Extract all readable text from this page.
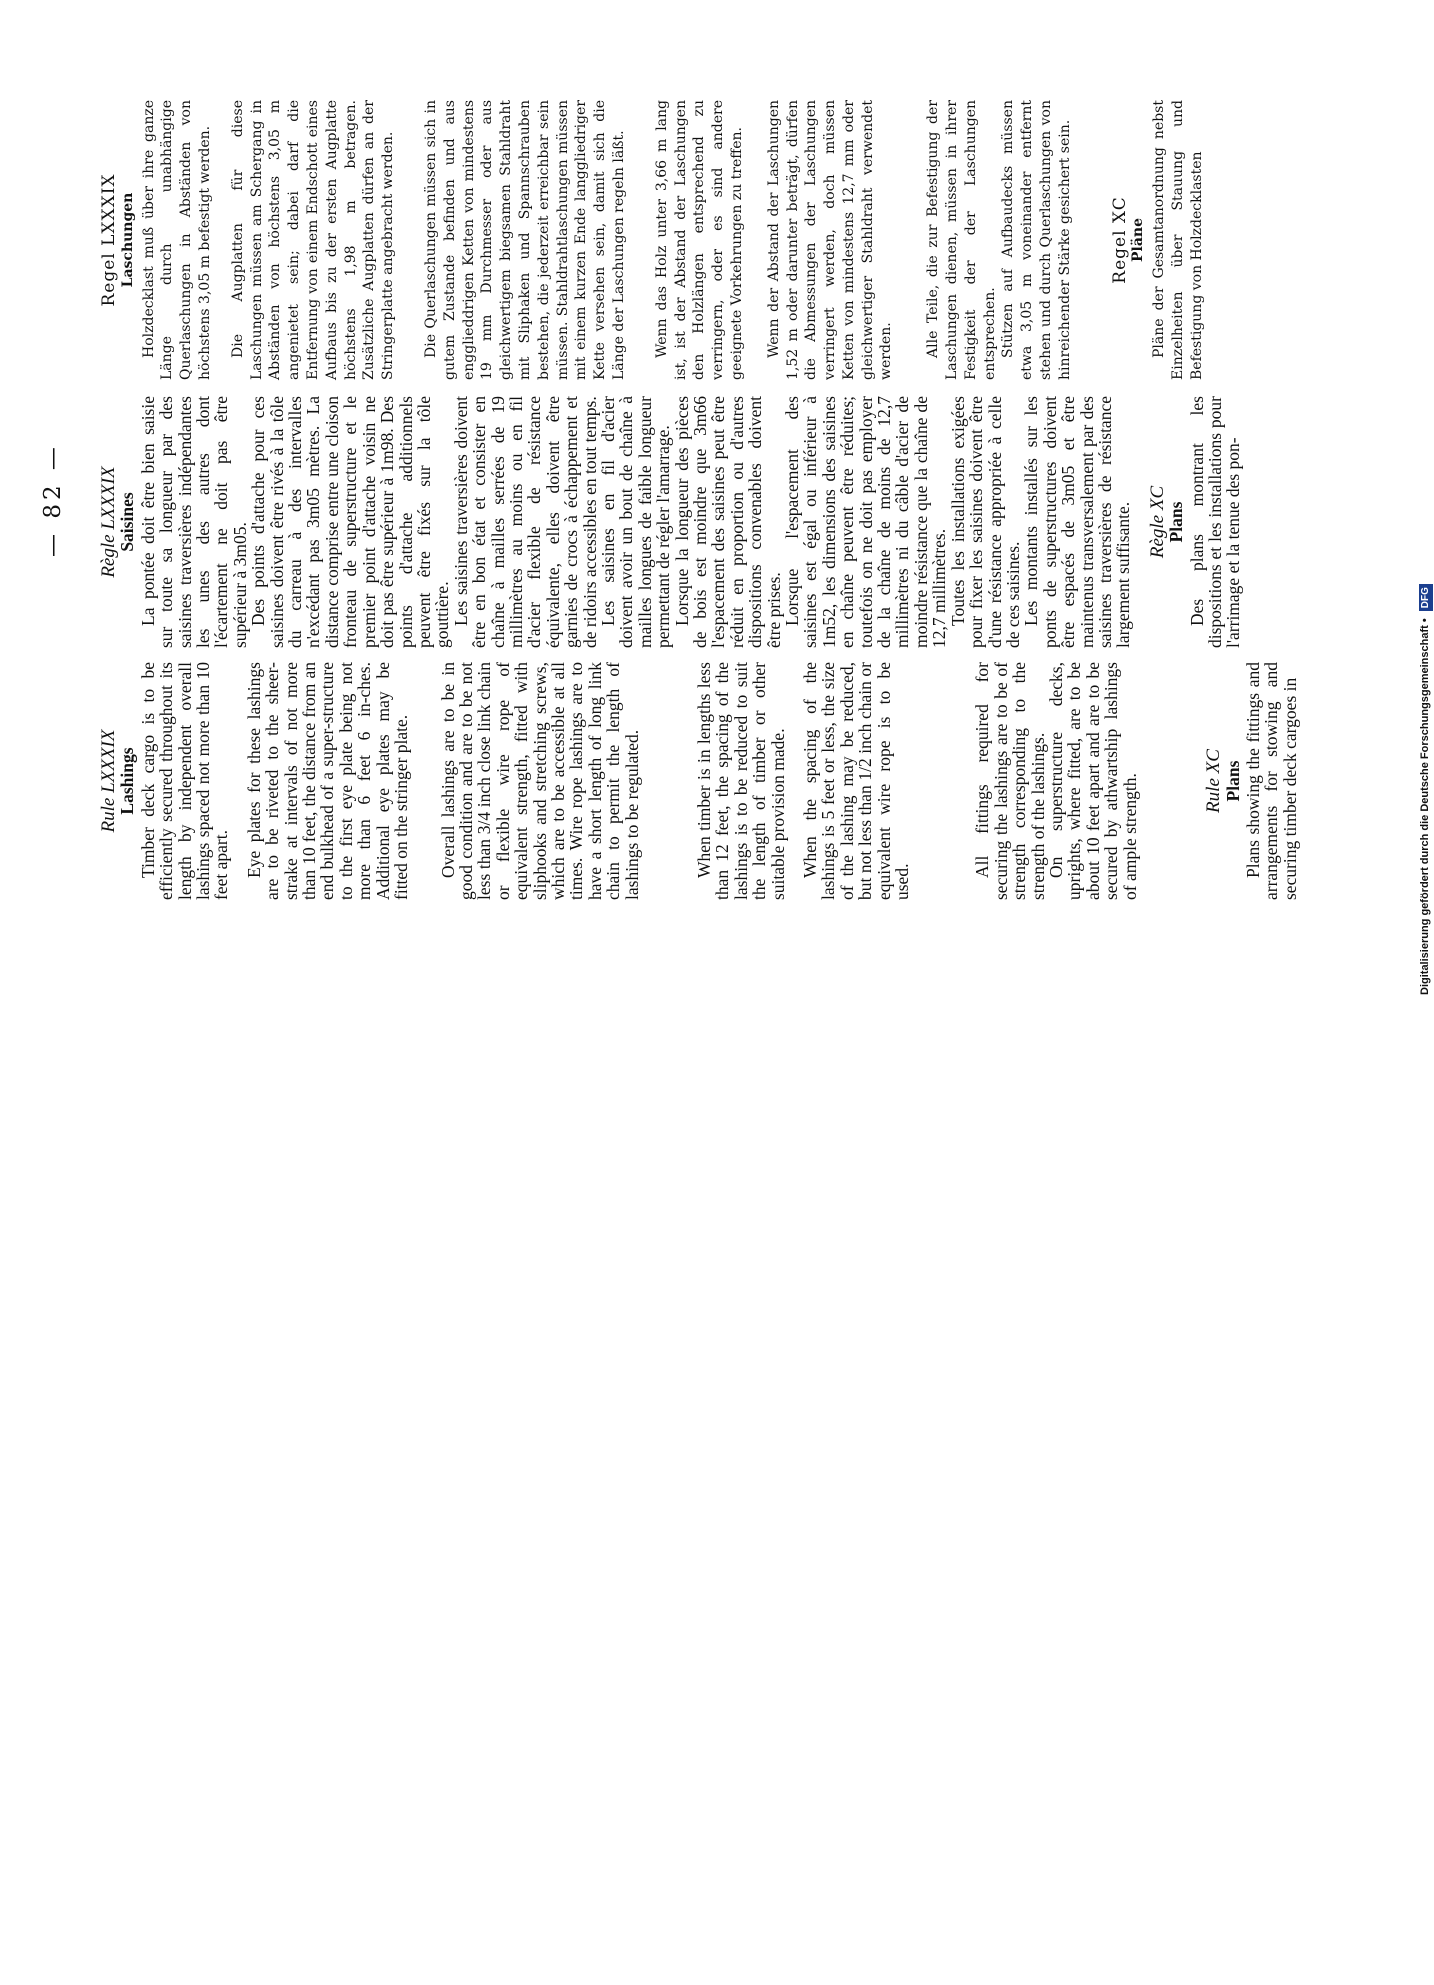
— 82 —
Rule LXXXIX
Lashings Timber deck cargo is to be efficiently secured throughout its length by independent overall lashings spaced not more than 10 feet apart. Eye plates for these lashings are to be riveted to the sheer-strake at intervals of not more than 10 feet, the distance from an end bulkhead of a super-structure to the first eye plate being not more than 6 feet 6 in-ches. Additional eye plates may be fitted on the stringer plate. Overall lashings are to be in good condition and are to be not less than 3/4 inch close link chain or flexible wire rope of equivalent strength, fitted with sliphooks and stretching screws, which are to be accessible at all times. Wire rope lashings are to have a short length of long link chain to permit the length of lashings to be regulated.	When timber is in lengths less than 12 feet, the spacing of the lashings is to be reduced to suit the length of timber or other suitable provision made. When the spacing of the lashings is 5 feet or less, the size of the lashing may be reduced, but not less than 1/2 inch chain or equivalent wire rope is to be used.

All fittings required for securing the lashings are to be of strength corresponding to the strength of the lashings.

On superstructure decks, uprights, where fitted, are to be about 10 feet apart and are to be secured by athwartship lashings of ample strength.	Rule XC
Plans Plans showing the fittings and arrangements for stowing and securing timber deck cargoes in

Règle LXXXIX
Saisines La pontée doit être bien saisie sur toute sa longueur par des saisines traversières indépendantes les unes des autres dont l'écartement ne doit pas être supérieur à 3m05.

Des points d'attache pour ces saisines doivent être rivés à la tôle du carreau à des intervalles n'excédant pas 3m05 mètres. La distance comprise entre une cloison fronteau de superstructure et le premier point d'attache voisin ne doit pas être supérieur à 1m98. Des points d'attache additionnels peuvent être fixés sur la tôle gouttière.

Les saisines traversières doivent être en bon état et consister en chaîne à mailles serrées de 19 millimètres au moins ou en fil d'acier flexible de résistance équivalente, elles doivent être garnies de crocs à échappement et de ridoirs accessibles en tout temps.

Les saisines en fil d'acier doivent avoir un bout de chaîne à mailles longues de faible longueur permettant de régler l'amarrage.

Lorsque la longueur des pièces de bois est moindre que 3m66 l'espacement des saisines peut être réduit en proportion ou d'autres dispositions convenables doivent être prises.

Lorsque l'espacement des saisines est égal ou inférieur à 1m52, les dimensions des saisines en chaîne peuvent être réduites; toutefois on ne doit pas employer de la chaîne de moins de 12,7 millimètres ni du câble d'acier de moindre résistance que la chaîne de 12,7 millimètres.

Toutes les installations exigées pour fixer les saisines doivent être d'une résistance appropriée à celle de ces saisines.

Les montants installés sur les ponts de superstructures doivent être espacés de 3m05 et être maintenus transversalement par des saisines traversières de résistance largement suffisante. Règle XC
Plans Des plans montrant les dispositions et les installations pour l'arrimage et la tenue des pon-

Regel LXXXIX Laschungen Holzdecklast muß über ihre ganze Länge durch unabhängige Querlaschungen in Abständen von höchstens 3,05 m befestigt werden. Die Augplatten für diese Laschungen müssen am Schergang in Abständen von höchstens 3,05 m angenietet sein; dabei darf die Entfernung von einem Endschott eines Aufbaus bis zu der ersten Augplatte höchstens 1,98 m betragen. Zusätzliche Augplatten dürfen an der Stringerplatte angebracht werden. Die Querlaschungen müssen sich in gutem Zustande befinden und aus engglieddrigen Ketten von mindestens 19 mm Durchmesser oder aus gleichwertigem biegsamen Stahldraht mit Sliphaken und Spannschrauben bestehen, die jederzeit erreichbar sein müssen. Stahldrahtlaschungen müssen mit einem kurzen Ende langgliedriger Kette versehen sein, damit sich die Länge der Laschungen regeln läßt. Wenn das Holz unter 3,66 m lang ist, ist der Abstand der Laschungen den Holzlängen entsprechend zu verringern, oder es sind andere geeignete Vorkehrungen zu treffen. Wenn der Abstand der Laschungen 1,52 m oder darunter beträgt, dürfen die Abmessungen der Laschungen verringert werden, doch müssen Ketten von mindestens 12,7 mm oder gleichwertiger Stahldraht verwendet werden. Alle Teile, die zur Befestigung der Laschungen dienen, müssen in ihrer Festigkeit der der Laschungen entsprechen. Stützen auf Aufbaudecks müssen etwa 3,05 m voneinander entfernt stehen und durch Querlaschungen von hinreichender Stärke gesichert sein. Regel XC Pläne Pläne der Gesamtanordnung nebst Einzelheiten über Stauung und Befestigung von Holzdecklasten

Digitalisierung gefördert durch die Deutsche Forschungsgemeinschaft • DFG
